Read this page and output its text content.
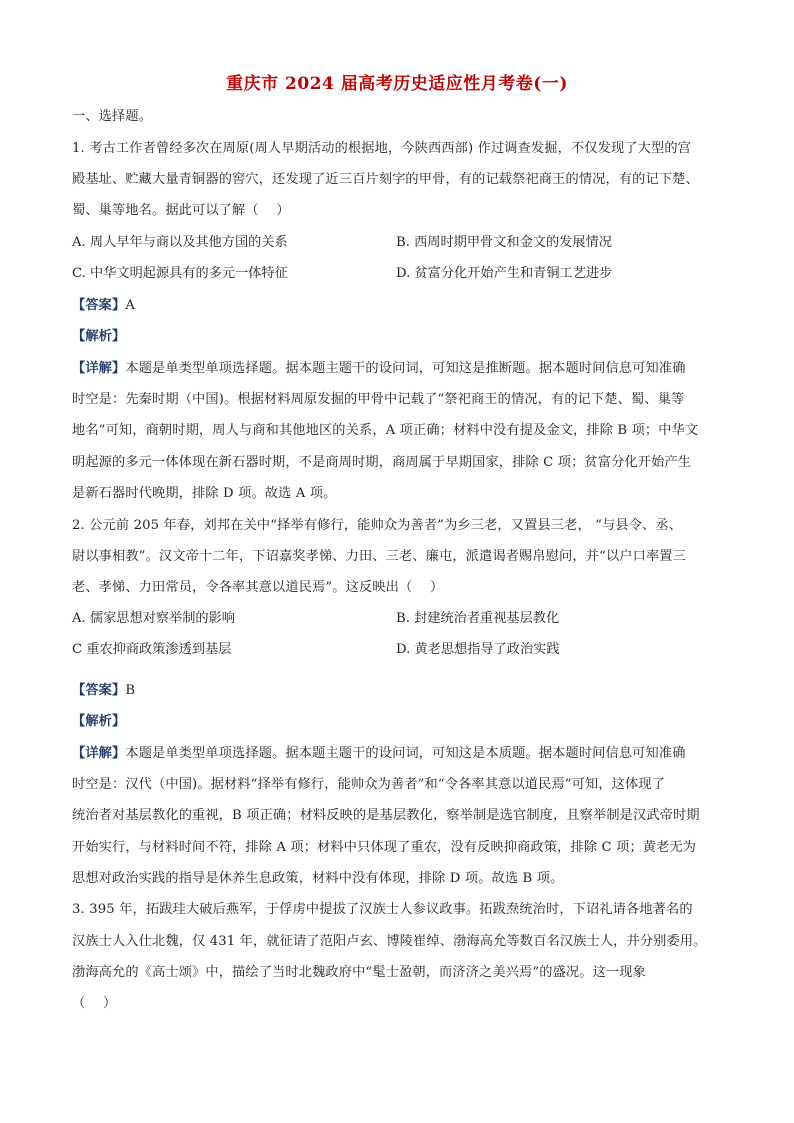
重庆市 2024 届高考历史适应性月考卷(一)
一、选择题。
1. 考古工作者曾经多次在周原(周人早期活动的根据地，今陕西西部) 作过调查发掘，不仅发现了大型的宫
殿基址、贮藏大量青铜器的窖穴，还发现了近三百片刻字的甲骨，有的记载祭祀商王的情况，有的记下楚、
蜀、巢等地名。据此可以了解（　 ）
A. 周人早年与商以及其他方国的关系	B. 西周时期甲骨文和金文的发展情况
C. 中华文明起源具有的多元一体特征	D. 贫富分化开始产生和青铜工艺进步
【答案】A
【解析】
【详解】本题是单类型单项选择题。据本题主题干的设问词，可知这是推断题。据本题时间信息可知准确
时空是：先秦时期（中国)。根据材料周原发掘的甲骨中记载了“祭祀商王的情况，有的记下楚、蜀、巢等
地名”可知，商朝时期，周人与商和其他地区的关系，A 项正确；材料中没有提及金文，排除 B 项；中华文
明起源的多元一体体现在新石器时期，不是商周时期，商周属于早期国家，排除 C 项；贫富分化开始产生
是新石器时代晚期，排除 D 项。故选 A 项。
2. 公元前 205 年春，刘邦在关中“择举有修行，能帅众为善者”为乡三老，又置县三老， “与县令、丞、
尉以事相教”。汉文帝十二年，下诏嘉奖孝悌、力田、三老、廉屯，派遣谒者赐帛慰问，并“以户口率置三
老、孝悌、力田常员，令各率其意以道民焉”。这反映出（　 ）
A. 儒家思想对察举制的影响	B. 封建统治者重视基层教化
C 重农抑商政策渗透到基层	D. 黄老思想指导了政治实践
【答案】B
【解析】
【详解】本题是单类型单项选择题。据本题主题干的设问词，可知这是本质题。据本题时间信息可知准确
时空是：汉代（中国)。据材料“择举有修行，能帅众为善者”和“令各率其意以道民焉”可知，这体现了
统治者对基层教化的重视，B 项正确；材料反映的是基层教化，察举制是选官制度，且察举制是汉武帝时期
开始实行，与材料时间不符，排除 A 项；材料中只体现了重农，没有反映抑商政策，排除 C 项；黄老无为
思想对政治实践的指导是休养生息政策，材料中没有体现，排除 D 项。故选 B 项。
3. 395 年，拓跋珪大破后燕军，于俘虏中提拔了汉族士人参议政事。拓跋焘统治时，下诏礼请各地著名的
汉族士人入仕北魏，仅 431 年，就征请了范阳卢玄、博陵崔绰、渤海高允等数百名汉族士人，并分别委用。
渤海高允的《高士颂》中，描绘了当时北魏政府中“髦士盈朝，而济济之美兴焉”的盛况。这一现象
（　 ）
